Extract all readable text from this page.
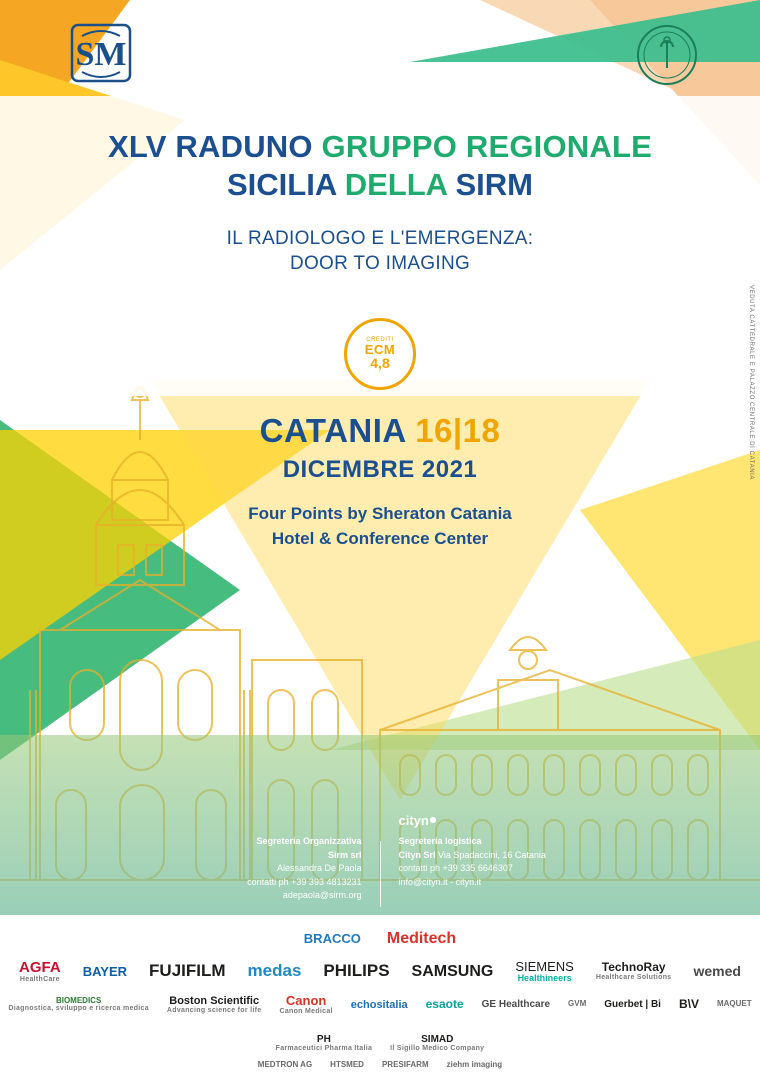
SM
XLV RADUNO GRUPPO REGIONALE
SICILIA DELLA SIRM
IL RADIOLOGO E L'EMERGENZA:
DOOR TO IMAGING
CREDITI
ECM
4,8
CATANIA 16|18
DICEMBRE 2021
Four Points by Sheraton Catania
Hotel & Conference Center
VEDUTA CATTEDRALE E PALAZZO CENTRALE DI CATANIA
Segreteria Organizzativa
Sirm srl
Alessandra De Paola
contatti ph +39 393 4813231
adepaola@sirm.org
cityn
Segreteria logistica
Cityn Srl Via Spadaccini, 16 Catania
contatti ph +39 335 6646307
info@cityn.it - cityn.it
BRACCO Meditech
AGFA
HealthCare
BAYER FUJIFILM medas PHILIPS SAMSUNG SIEMENS
Healthineers
TechnoRay
Healthcare Solutions wemed
BIOMEDICS
Diagnostica, sviluppo e ricerca medica
Boston Scientific
Advancing science for life
Canon
Canon Medical
echositalia esaote GE Healthcare GVM Guerbet | Bi B\V MAQUET
PH
Farmaceutici Pharma Italia
SIMAD
Il Sigillo Medico Company
MEDTRON AG HTSMED PRESIFARM ziehm imaging
